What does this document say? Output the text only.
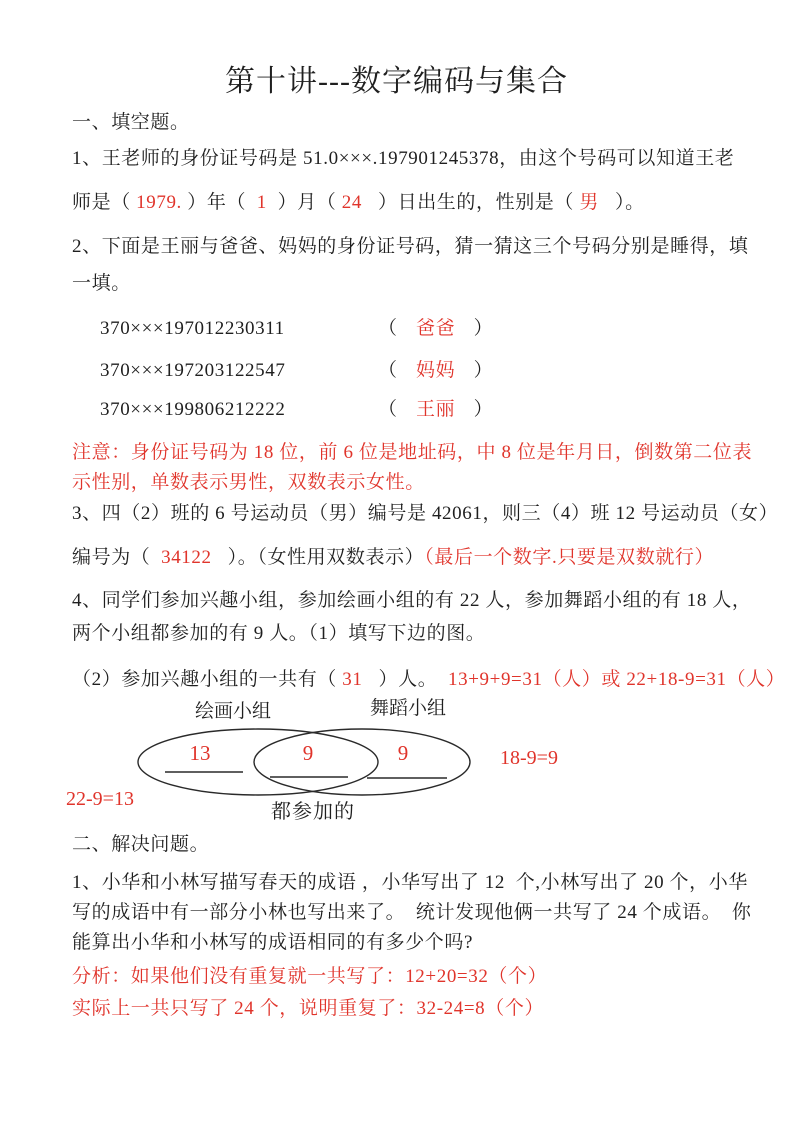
第十讲---数字编码与集合
一、填空题。
1、王老师的身份证号码是 51.0×××.197901245378，由这个号码可以知道王老
师是（ 1979. ）年（  1  ）月（ 24   ）日出生的，性别是（ 男   ）。
2、下面是王丽与爸爸、妈妈的身份证号码，猜一猜这三个号码分别是睡得，填
一填。
370×××197012230311	（ 爸爸 ）
370×××197203122547	（ 妈妈 ）
370×××199806212222	（ 王丽 ）
注意：身份证号码为 18 位，前 6 位是地址码，中 8 位是年月日，倒数第二位表
示性别，单数表示男性，双数表示女性。
3、四（2）班的 6 号运动员（男）编号是 42061，则三（4）班 12 号运动员（女）
编号为（  34122   ）。（女性用双数表示）（最后一个数字.只要是双数就行）
4、同学们参加兴趣小组，参加绘画小组的有 22 人，参加舞蹈小组的有 18 人，
两个小组都参加的有 9 人。（1）填写下边的图。
（2）参加兴趣小组的一共有（ 31   ）人。  13+9+9=31（人）或 22+18-9=31（人）
绘画小组	舞蹈小组
13	9	9	18-9=9
22-9=13
都参加的
二、解决问题。
1、小华和小林写描写春天的成语 ，小华写出了 12  个,小林写出了 20 个，小华
写的成语中有一部分小林也写出来了。  统计发现他俩一共写了 24 个成语。  你
能算出小华和小林写的成语相同的有多少个吗?
分析：如果他们没有重复就一共写了：12+20=32（个）
实际上一共只写了 24 个，说明重复了：32-24=8（个）
